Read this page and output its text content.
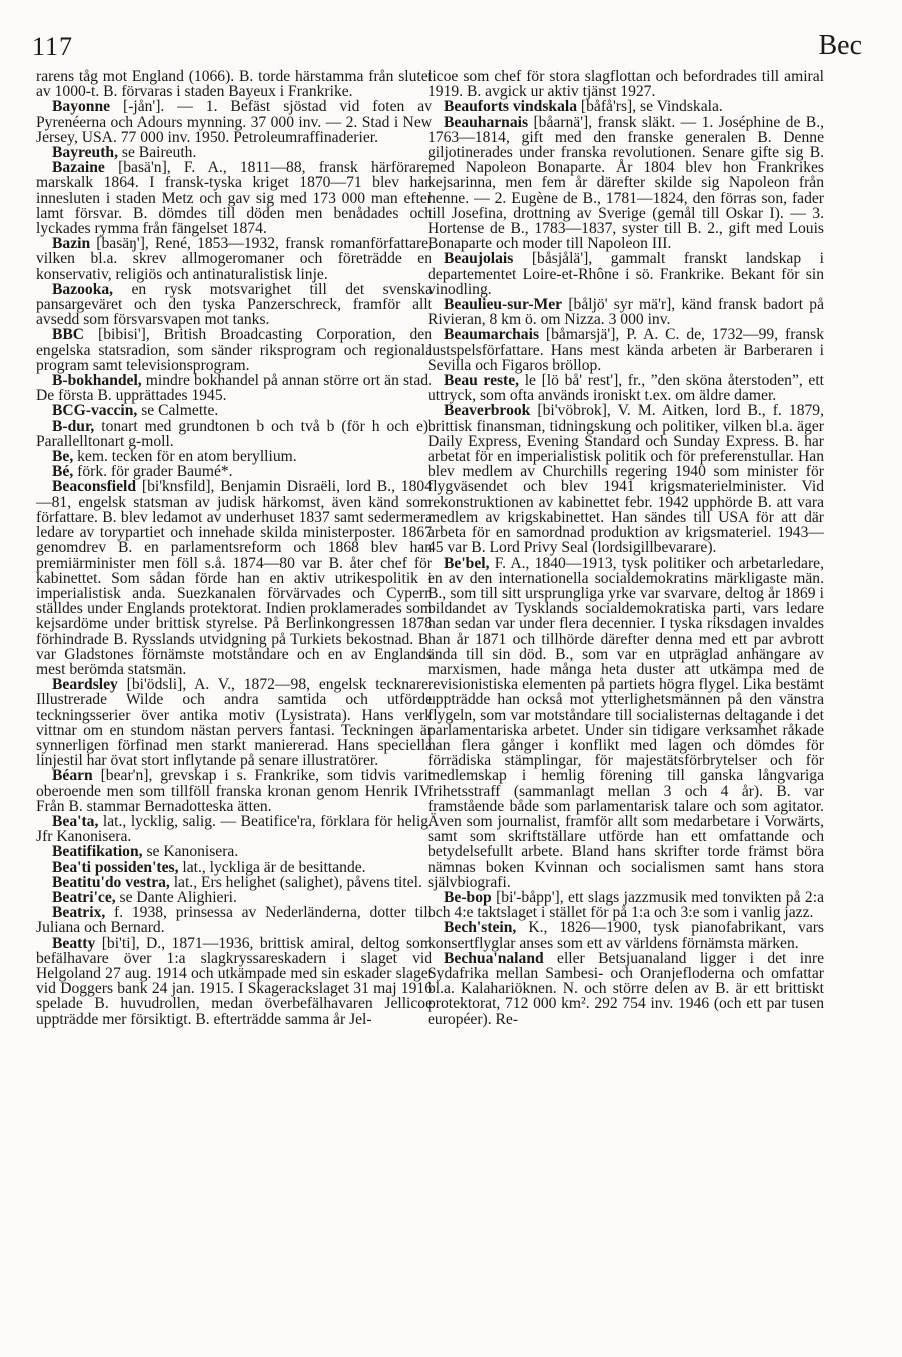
117	Bec

rarens tåg mot England (1066). B. torde härstamma från slutet av 1000-t. B. förvaras i staden Bayeux i Frankrike.

Bayonne [-jån']. — 1. Befäst sjöstad vid foten av Pyrenéerna och Adours mynning. 37 000 inv. — 2. Stad i New Jersey, USA. 77 000 inv. 1950. Petroleumraffinaderier.

Bayreuth, se Baireuth.

Bazaine [basä'n], F. A., 1811—88, fransk härförare, marskalk 1864. I fransk-tyska kriget 1870—71 blev han innesluten i staden Metz och gav sig med 173 000 man efter lamt försvar. B. dömdes till döden men benådades och lyckades rymma från fängelset 1874.

Bazin [basäŋ'], René, 1853—1932, fransk romanförfattare, vilken bl.a. skrev allmogeromaner och företrädde en konservativ, religiös och antinaturalistisk linje.

Bazooka, en rysk motsvarighet till det svenska pansargeväret och den tyska Panzerschreck, framför allt avsedd som försvarsvapen mot tanks.

BBC [bibisi'], British Broadcasting Corporation, den engelska statsradion, som sänder riksprogram och regionala program samt televisionsprogram.

B-bokhandel, mindre bokhandel på annan större ort än stad. De första B. upprättades 1945.

BCG-vaccin, se Calmette.

B-dur, tonart med grundtonen b och två b (för h och e). Parallelltonart g-moll.

Be, kem. tecken för en atom beryllium.

Bé, förk. för grader Baumé*.

Beaconsfield [bi'knsfild], Benjamin Disraëli, lord B., 1804—81, engelsk statsman av judisk härkomst, även känd som författare. B. blev ledamot av underhuset 1837 samt sedermera ledare av torypartiet och innehade skilda ministerposter. 1867 genomdrev B. en parlamentsreform och 1868 blev han premiärminister men föll s.å. 1874—80 var B. åter chef för kabinettet. Som sådan förde han en aktiv utrikespolitik i imperialistisk anda. Suezkanalen förvärvades och Cypern ställdes under Englands protektorat. Indien proklamerades som kejsardöme under brittisk styrelse. På Berlinkongressen 1878 förhindrade B. Rysslands utvidgning på Turkiets bekostnad. B. var Gladstones förnämste motståndare och en av Englands mest berömda statsmän.

Beardsley [bi'ödsli], A. V., 1872—98, engelsk tecknare. Illustrerade Wilde och andra samtida och utförde teckningsserier över antika motiv (Lysistrata). Hans verk vittnar om en stundom nästan pervers fantasi. Teckningen är synnerligen förfinad men starkt maniererad. Hans speciella linjestil har övat stort inflytande på senare illustratörer.

Béarn [bear'n], grevskap i s. Frankrike, som tidvis varit oberoende men som tillföll franska kronan genom Henrik IV. Från B. stammar Bernadotteska ätten.

Bea'ta, lat., lycklig, salig. — Beatifice'ra, förklara för helig. Jfr Kanonisera.

Beatifikation, se Kanonisera.

Bea'ti possiden'tes, lat., lyckliga är de besittande.

Beatitu'do vestra, lat., Ers helighet (salighet), påvens titel.

Beatri'ce, se Dante Alighieri.

Beatrix, f. 1938, prinsessa av Nederländerna, dotter till Juliana och Bernard.

Beatty [bi'ti], D., 1871—1936, brittisk amiral, deltog som befälhavare över 1:a slagkryssareskadern i slaget vid Helgoland 27 aug. 1914 och utkämpade med sin eskader slaget vid Doggers bank 24 jan. 1915. I Skagerackslaget 31 maj 1916 spelade B. huvudrollen, medan överbefälhavaren Jellicoe uppträdde mer försiktigt. B. efterträdde samma år Jel-

licoe som chef för stora slagflottan och befordrades till amiral 1919. B. avgick ur aktiv tjänst 1927.

Beauforts vindskala [båfå'rs], se Vindskala.

Beauharnais [båarnä'], fransk släkt. — 1. Joséphine de B., 1763—1814, gift med den franske generalen B. Denne giljotinerades under franska revolutionen. Senare gifte sig B. med Napoleon Bonaparte. År 1804 blev hon Frankrikes kejsarinna, men fem år därefter skilde sig Napoleon från henne. — 2. Eugène de B., 1781—1824, den förras son, fader till Josefina, drottning av Sverige (gemål till Oskar I). — 3. Hortense de B., 1783—1837, syster till B. 2., gift med Louis Bonaparte och moder till Napoleon III.

Beaujolais [båsjålä'], gammalt franskt landskap i departementet Loire-et-Rhône i sö. Frankrike. Bekant för sin vinodling.

Beaulieu-sur-Mer [båljö' syr mä'r], känd fransk badort på Rivieran, 8 km ö. om Nizza. 3 000 inv.

Beaumarchais [båmarsjä'], P. A. C. de, 1732—99, fransk lustspelsförfattare. Hans mest kända arbeten är Barberaren i Sevilla och Figaros bröllop.

Beau reste, le [lö bå' rest'], fr., ”den sköna återstoden”, ett uttryck, som ofta används ironiskt t.ex. om äldre damer.

Beaverbrook [bi'vöbrok], V. M. Aitken, lord B., f. 1879, brittisk finansman, tidningskung och politiker, vilken bl.a. äger Daily Express, Evening Standard och Sunday Express. B. har arbetat för en imperialistisk politik och för preferenstullar. Han blev medlem av Churchills regering 1940 som minister för flygväsendet och blev 1941 krigsmaterielminister. Vid rekonstruktionen av kabinettet febr. 1942 upphörde B. att vara medlem av krigskabinettet. Han sändes till USA för att där arbeta för en samordnad produktion av krigsmateriel. 1943—45 var B. Lord Privy Seal (lordsigillbevarare).

Be'bel, F. A., 1840—1913, tysk politiker och arbetarledare, en av den internationella socialdemokratins märkligaste män. B., som till sitt ursprungliga yrke var svarvare, deltog år 1869 i bildandet av Tysklands socialdemokratiska parti, vars ledare han sedan var under flera decennier. I tyska riksdagen invaldes han år 1871 och tillhörde därefter denna med ett par avbrott ända till sin död. B., som var en utpräglad anhängare av marxismen, hade många heta duster att utkämpa med de revisionistiska elementen på partiets högra flygel. Lika bestämt uppträdde han också mot ytterlighetsmännen på den vänstra flygeln, som var motståndare till socialisternas deltagande i det parlamentariska arbetet. Under sin tidigare verksamhet råkade han flera gånger i konflikt med lagen och dömdes för förrädiska stämplingar, för majestätsförbrytelser och för medlemskap i hemlig förening till ganska långvariga frihetsstraff (sammanlagt mellan 3 och 4 år). B. var framstående både som parlamentarisk talare och som agitator. Även som journalist, framför allt som medarbetare i Vorwärts, samt som skriftställare utförde han ett omfattande och betydelsefullt arbete. Bland hans skrifter torde främst böra nämnas boken Kvinnan och socialismen samt hans stora självbiografi.

Be-bop [bi'-båpp'], ett slags jazzmusik med tonvikten på 2:a och 4:e taktslaget i stället för på 1:a och 3:e som i vanlig jazz.

Bech'stein, K., 1826—1900, tysk pianofabrikant, vars konsertflyglar anses som ett av världens förnämsta märken.

Bechua'naland eller Betsjuanaland ligger i det inre Sydafrika mellan Sambesi- och Oranjefloderna och omfattar bl.a. Kalahariöknen. N. och större delen av B. är ett brittiskt protektorat, 712 000 km². 292 754 inv. 1946 (och ett par tusen européer). Re-
